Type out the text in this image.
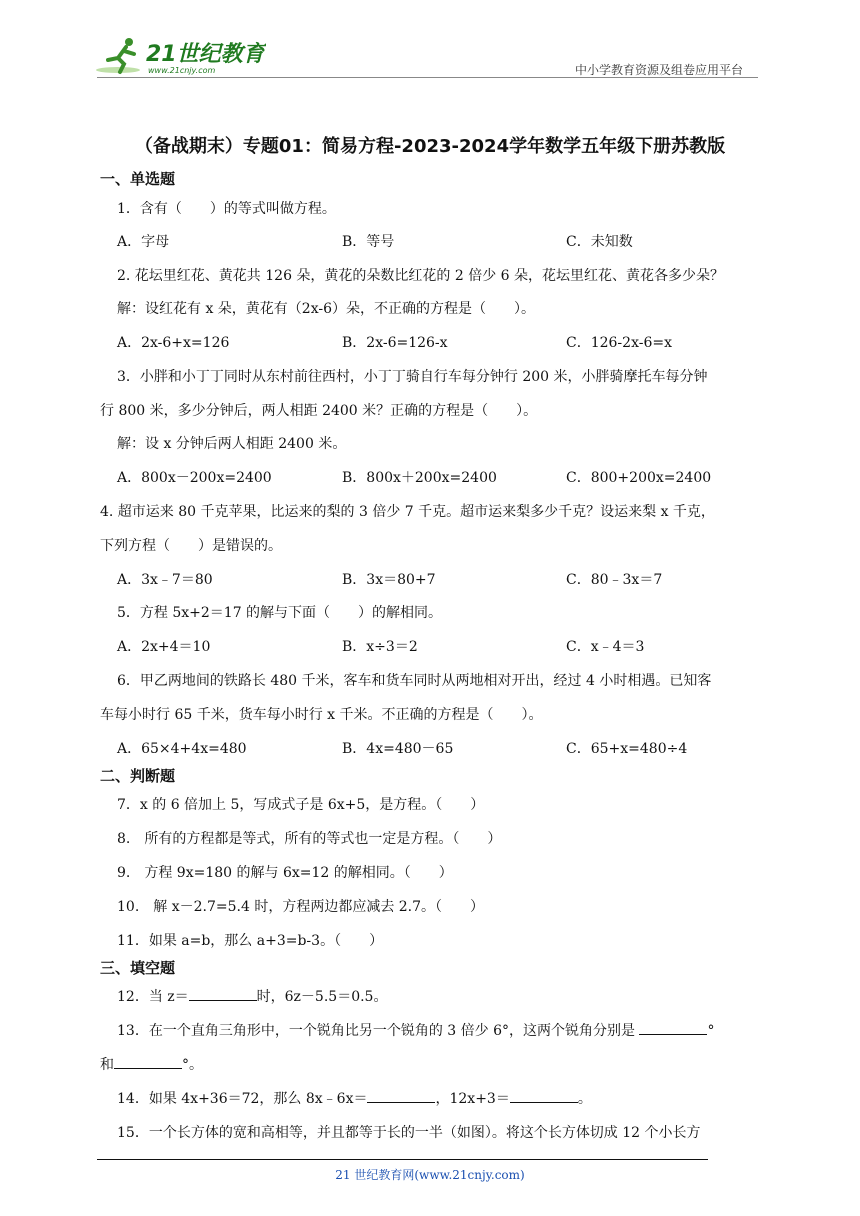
21世纪教育
www.21cnjy.com	中小学教育资源及组卷应用平台
（备战期末）专题01：简易方程-2023-2024学年数学五年级下册苏教版
一、单选题
1．含有（　　）的等式叫做方程。
A．字母	B．等号	C．未知数
2. 花坛里红花、黄花共 126 朵，黄花的朵数比红花的 2 倍少 6 朵，花坛里红花、黄花各多少朵？
解：设红花有 x 朵，黄花有（2x-6）朵，不正确的方程是（　　）。
A．2x-6+x=126	B．2x-6=126-x	C．126-2x-6=x
3．小胖和小丁丁同时从东村前往西村，小丁丁骑自行车每分钟行 200 米，小胖骑摩托车每分钟
行 800 米，多少分钟后，两人相距 2400 米？正确的方程是（　　）。
解：设 x 分钟后两人相距 2400 米。
A．800x－200x=2400	B．800x＋200x=2400	C．800+200x=2400
4. 超市运来 80 千克苹果，比运来的梨的 3 倍少 7 千克。超市运来梨多少千克？设运来梨 x 千克，
下列方程（　　）是错误的。
A．3x﹣7＝80	B．3x＝80+7	C．80﹣3x＝7
5．方程 5x+2＝17 的解与下面（　　）的解相同。
A．2x+4＝10	B．x÷3＝2	C．x﹣4＝3
6．甲乙两地间的铁路长 480 千米，客车和货车同时从两地相对开出，经过 4 小时相遇。已知客
车每小时行 65 千米，货车每小时行 x 千米。不正确的方程是（　　）。
A．65×4+4x=480	B．4x=480－65	C．65+x=480÷4
二、判断题
7．x 的 6 倍加上 5，写成式子是 6x+5，是方程。（　　）
8.　所有的方程都是等式，所有的等式也一定是方程。（　　）
9.　方程 9x=180 的解与 6x=12 的解相同。（　　）
10.　解 x－2.7=5.4 时，方程两边都应减去 2.7。（　　）
11．如果 a=b，那么 a+3=b-3。（　　）
三、填空题
12．当 z＝	时，6z－5.5＝0.5。
13．在一个直角三角形中，一个锐角比另一个锐角的 3 倍少 6°，这两个锐角分别是	°
和	°。
14．如果 4x+36＝72，那么 8x﹣6x＝	，12x+3＝	。
15．一个长方体的宽和高相等，并且都等于长的一半（如图）。将这个长方体切成 12 个小长方
21 世纪教育网(www.21cnjy.com)
